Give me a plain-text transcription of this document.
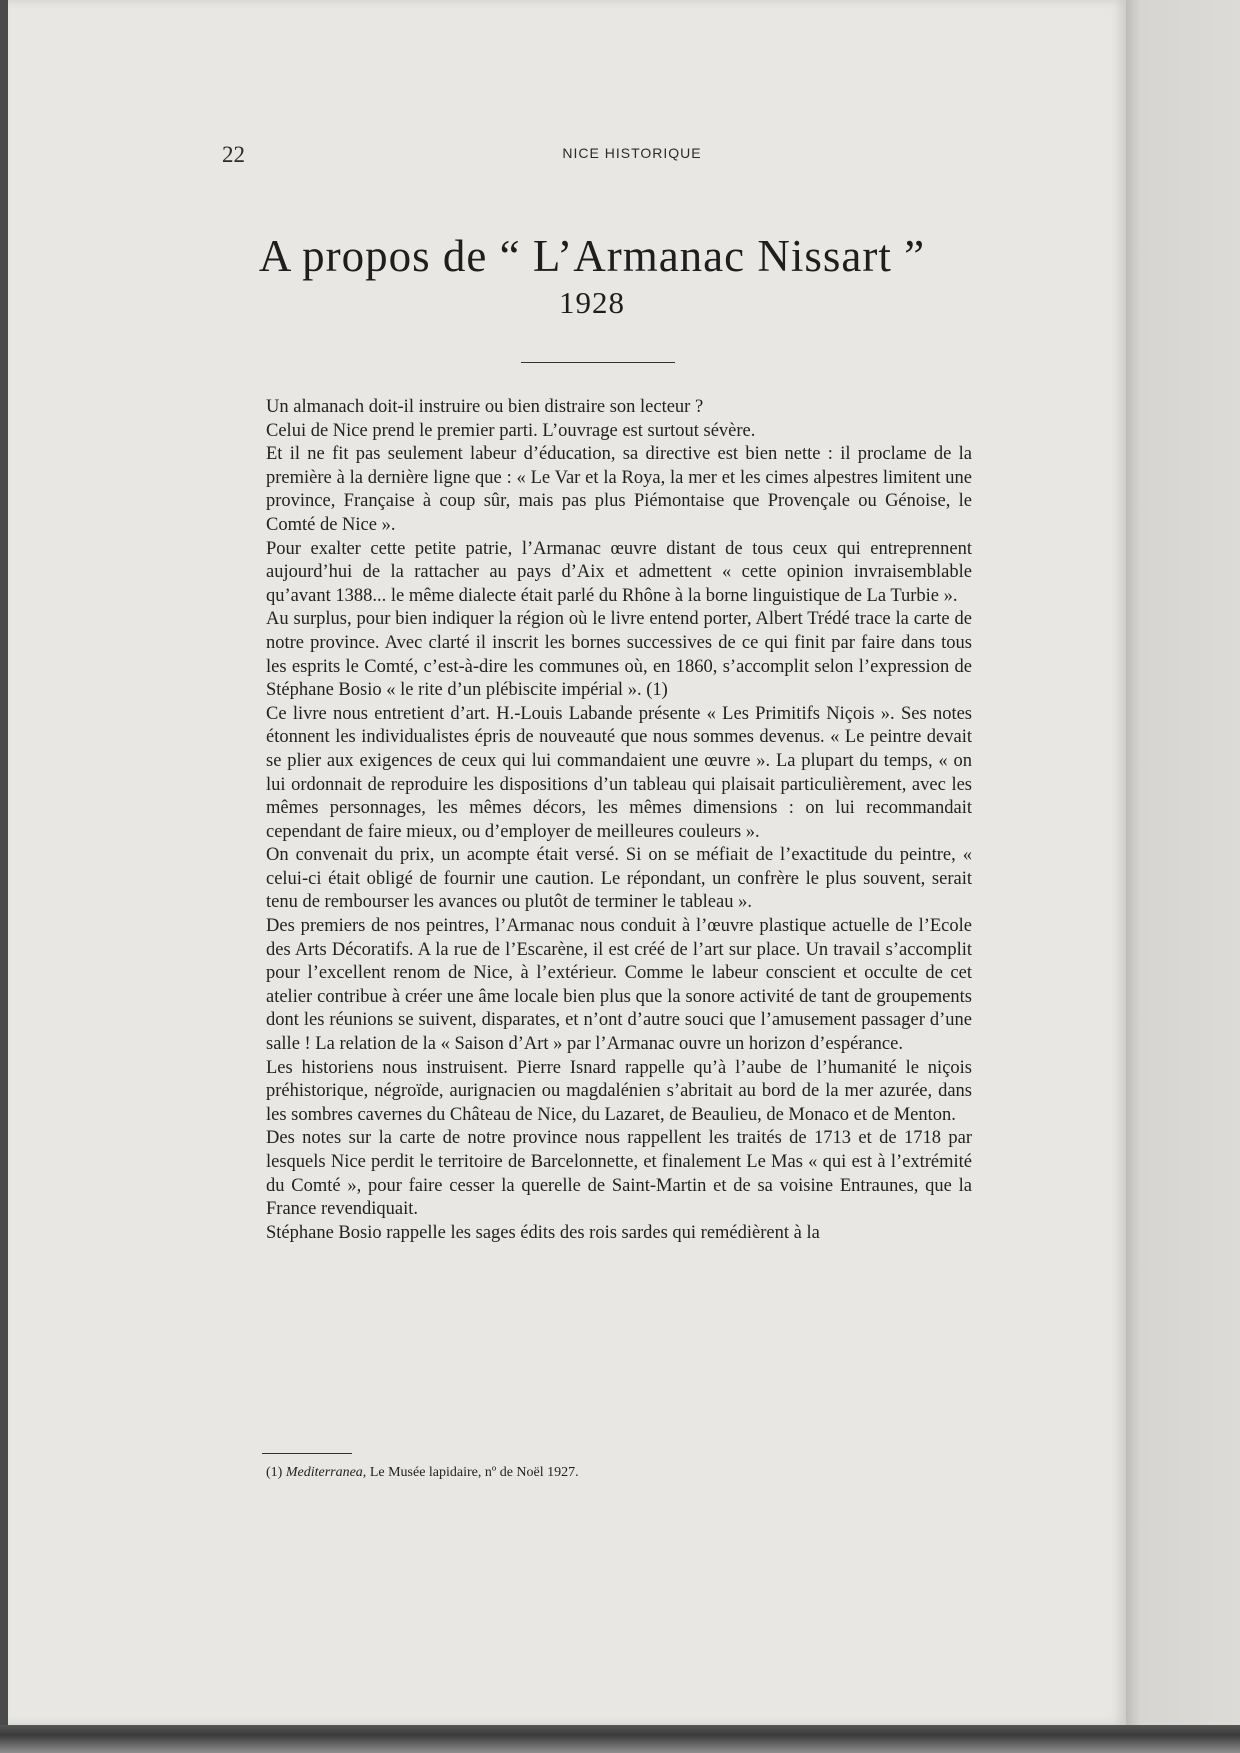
22	NICE HISTORIQUE
A propos de “ L’Armanac Nissart ”
1928

Un almanach doit-il instruire ou bien distraire son lecteur ?

Celui de Nice prend le premier parti. L’ouvrage est surtout sévère.

Et il ne fit pas seulement labeur d’éducation, sa directive est bien nette : il proclame de la première à la dernière ligne que : « Le Var et la Roya, la mer et les cimes alpestres limitent une province, Française à coup sûr, mais pas plus Piémontaise que Provençale ou Génoise, le Comté de Nice ».

Pour exalter cette petite patrie, l’Armanac œuvre distant de tous ceux qui entreprennent aujourd’hui de la rattacher au pays d’Aix et admettent « cette opinion invraisemblable qu’avant 1388... le même dialecte était parlé du Rhône à la borne linguistique de La Turbie ».

Au surplus, pour bien indiquer la région où le livre entend porter, Albert Trédé trace la carte de notre province. Avec clarté il inscrit les bornes successives de ce qui finit par faire dans tous les esprits le Comté, c’est-à-dire les communes où, en 1860, s’accomplit selon l’expression de Stéphane Bosio « le rite d’un plébiscite impérial ». (1)

Ce livre nous entretient d’art. H.-Louis Labande présente « Les Primitifs Niçois ». Ses notes étonnent les individualistes épris de nouveauté que nous sommes devenus. « Le peintre devait se plier aux exigences de ceux qui lui commandaient une œuvre ». La plupart du temps, « on lui ordonnait de reproduire les dispositions d’un tableau qui plaisait particulièrement, avec les mêmes personnages, les mêmes décors, les mêmes dimensions : on lui recommandait cependant de faire mieux, ou d’employer de meilleures couleurs ».

On convenait du prix, un acompte était versé. Si on se méfiait de l’exactitude du peintre, « celui-ci était obligé de fournir une caution. Le répondant, un confrère le plus souvent, serait tenu de rembourser les avances ou plutôt de terminer le tableau ».

Des premiers de nos peintres, l’Armanac nous conduit à l’œuvre plastique actuelle de l’Ecole des Arts Décoratifs. A la rue de l’Escarène, il est créé de l’art sur place. Un travail s’accomplit pour l’excellent renom de Nice, à l’extérieur. Comme le labeur conscient et occulte de cet atelier contribue à créer une âme locale bien plus que la sonore activité de tant de groupements dont les réunions se suivent, disparates, et n’ont d’autre souci que l’amusement passager d’une salle ! La relation de la « Saison d’Art » par l’Armanac ouvre un horizon d’espérance.

Les historiens nous instruisent. Pierre Isnard rappelle qu’à l’aube de l’humanité le niçois préhistorique, négroïde, aurignacien ou magdalénien s’abritait au bord de la mer azurée, dans les sombres cavernes du Château de Nice, du Lazaret, de Beaulieu, de Monaco et de Menton.

Des notes sur la carte de notre province nous rappellent les traités de 1713 et de 1718 par lesquels Nice perdit le territoire de Barcelonnette, et finalement Le Mas « qui est à l’extrémité du Comté », pour faire cesser la querelle de Saint-Martin et de sa voisine Entraunes, que la France revendiquait.

Stéphane Bosio rappelle les sages édits des rois sardes qui remédièrent à la

(1) Mediterranea, Le Musée lapidaire, nº de Noël 1927.
